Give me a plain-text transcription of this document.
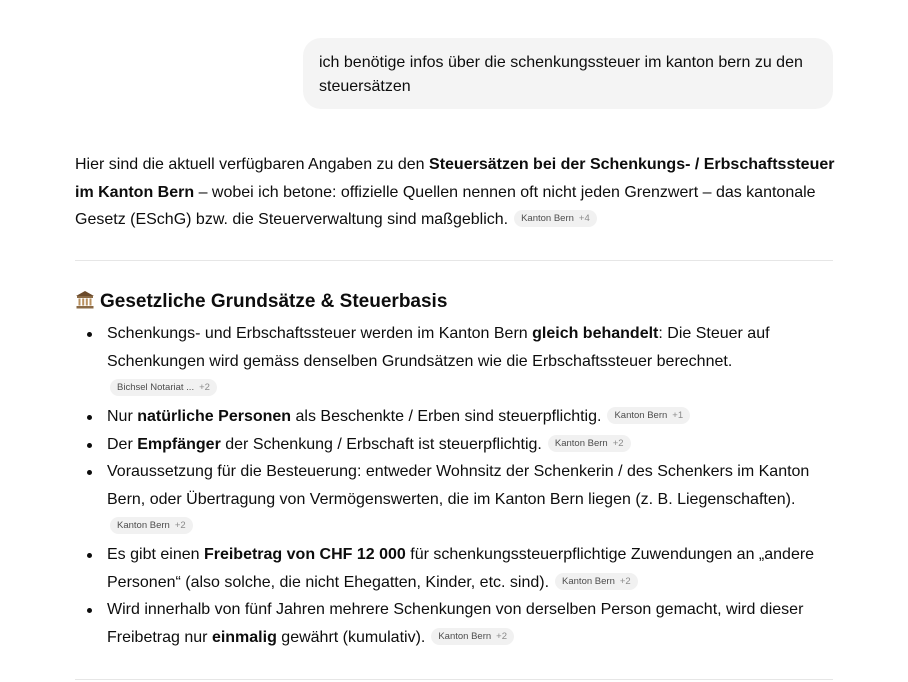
ich benötige infos über die schenkungssteuer im kanton bern zu den steuersätzen

Hier sind die aktuell verfügbaren Angaben zu den Steuersätzen bei der Schenkungs- / Erbschaftssteuer im Kanton Bern – wobei ich betone: offizielle Quellen nennen oft nicht jeden Grenzwert – das kantonale Gesetz (ESchG) bzw. die Steuerverwaltung sind maßgeblich. Kanton Bern +4

Gesetzliche Grundsätze & Steuerbasis
Schenkungs- und Erbschaftssteuer werden im Kanton Bern gleich behandelt: Die Steuer auf Schenkungen wird gemäss denselben Grundsätzen wie die Erbschaftssteuer berechnet.
Bichsel Notariat ... +2
Nur natürliche Personen als Beschenkte / Erben sind steuerpflichtig. Kanton Bern +1
Der Empfänger der Schenkung / Erbschaft ist steuerpflichtig. Kanton Bern +2
Voraussetzung für die Besteuerung: entweder Wohnsitz der Schenkerin / des Schenkers im Kanton Bern, oder Übertragung von Vermögenswerten, die im Kanton Bern liegen (z. B. Liegenschaften).
Kanton Bern +2
Es gibt einen Freibetrag von CHF 12 000 für schenkungssteuerpflichtige Zuwendungen an „andere Personen“ (also solche, die nicht Ehegatten, Kinder, etc. sind). Kanton Bern +2
Wird innerhalb von fünf Jahren mehrere Schenkungen von derselben Person gemacht, wird dieser Freibetrag nur einmalig gewährt (kumulativ). Kanton Bern +2
